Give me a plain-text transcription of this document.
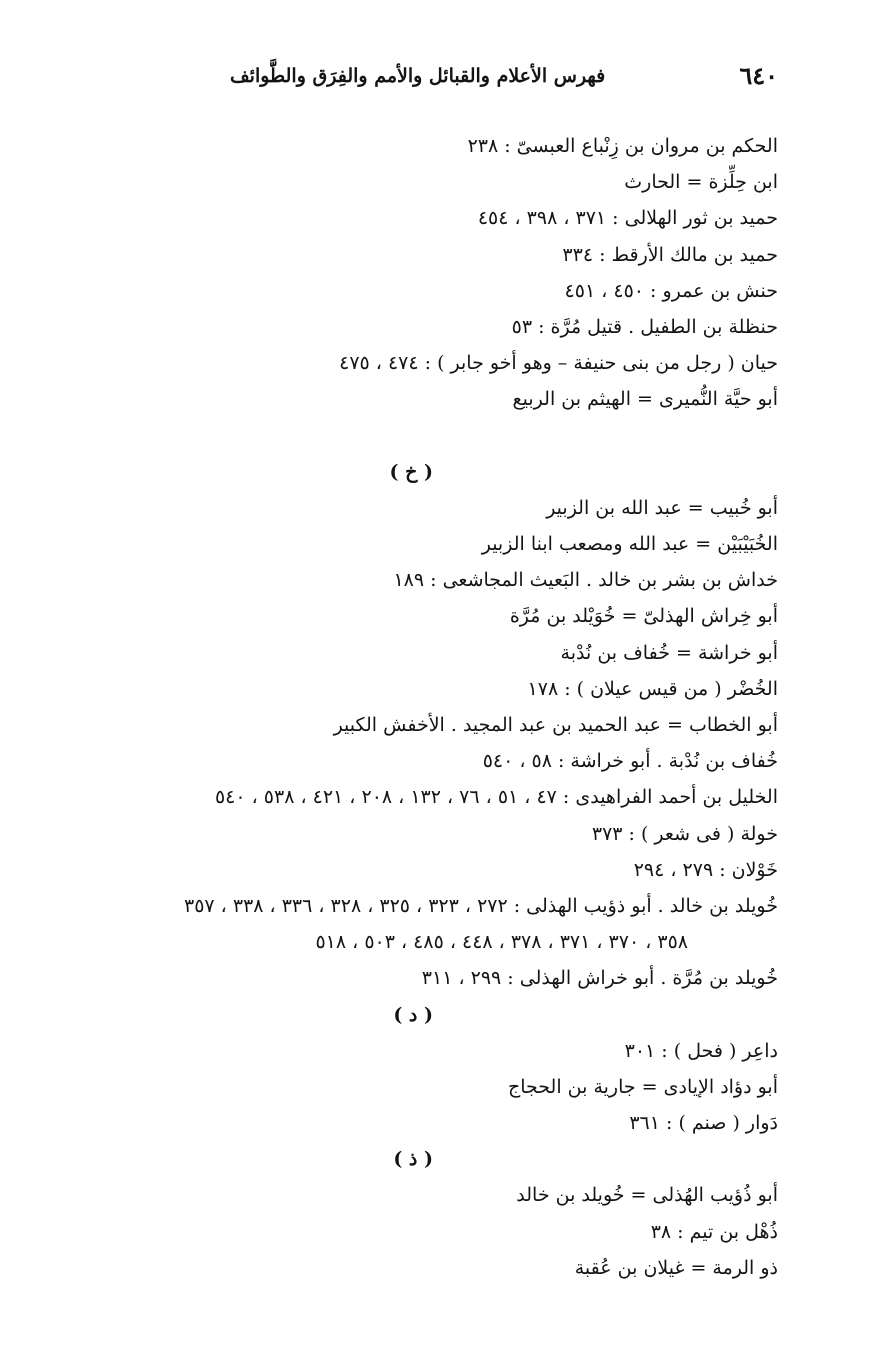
٦٤٠
فهرس الأعلام والقبائل والأمم والفِرَق والطَّوائف
الحكم بن مروان بن زِنْباع العبسىّ : ٢٣٨
ابن حِلِّزة = الحارث
حميد بن ثور الهلالى : ٣٧١ ، ٣٩٨ ، ٤٥٤
حميد بن مالك الأرقط : ٣٣٤
حنش بن عمرو : ٤٥٠ ، ٤٥١
حنظلة بن الطفيل . قتيل مُرَّة : ٥٣
حيان ( رجل من بنى حنيفة – وهو أخو جابر ) : ٤٧٤ ، ٤٧٥
أبو حيَّة النُّميرى = الهيثم بن الربيع
( خ )
أبو خُبيب = عبد الله بن الزبير
الخُبَيْبَيْن = عبد الله ومصعب ابنا الزبير
خداش بن بشر بن خالد . البَعيث المجاشعى : ١٨٩
أبو خِراش الهذلىّ = خُوَيْلد بن مُرَّة
أبو خراشة = خُفاف بن نُدْبة
الخُضْر ( من قيس عيلان ) : ١٧٨
أبو الخطاب = عبد الحميد بن عبد المجيد . الأخفش الكبير
خُفاف بن نُدْبة . أبو خراشة : ٥٨ ، ٥٤٠
الخليل بن أحمد الفراهيدى : ٤٧ ، ٥١ ، ٧٦ ، ١٣٢ ، ٢٠٨ ، ٤٢١ ، ٥٣٨ ، ٥٤٠
خولة ( فى شعر ) : ٣٧٣
خَوْلان : ٢٧٩ ، ٢٩٤
خُويلد بن خالد . أبو ذؤيب الهذلى : ٢٧٢ ، ٣٢٣ ، ٣٢٥ ، ٣٢٨ ، ٣٣٦ ، ٣٣٨ ، ٣٥٧
٣٥٨ ، ٣٧٠ ، ٣٧١ ، ٣٧٨ ، ٤٤٨ ، ٤٨٥ ، ٥٠٣ ، ٥١٨
خُويلد بن مُرَّة . أبو خراش الهذلى : ٢٩٩ ، ٣١١
( د )
داعِر ( فحل ) : ٣٠١
أبو دؤاد الإيادى = جارية بن الحجاج
دَوار ( صنم ) : ٣٦١
( ذ )
أبو ذُؤيب الهُذلى = خُويلد بن خالد
ذُهْل بن تيم : ٣٨
ذو الرمة = غيلان بن عُقبة
